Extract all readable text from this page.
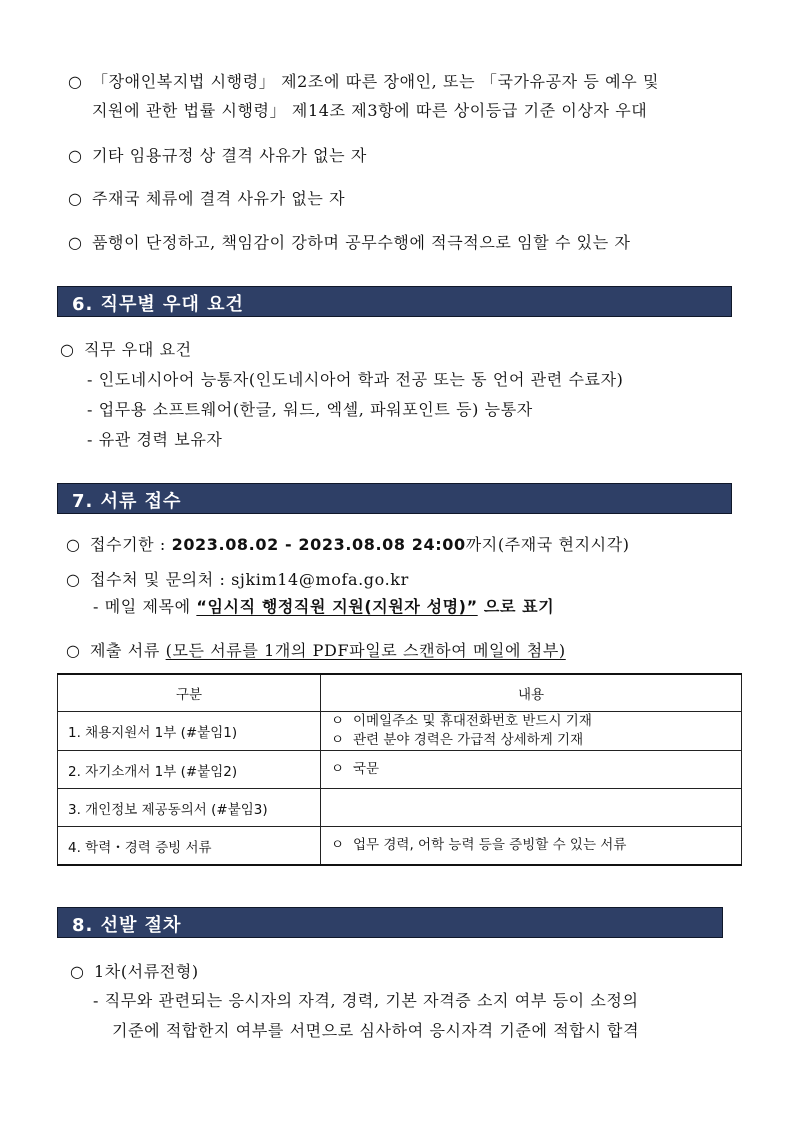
○ 「장애인복지법 시행령」 제2조에 따른 장애인, 또는 「국가유공자 등 예우 및
지원에 관한 법률 시행령」 제14조 제3항에 따른 상이등급 기준 이상자 우대
○ 기타 임용규정 상 결격 사유가 없는 자
○ 주재국 체류에 결격 사유가 없는 자
○ 품행이 단정하고, 책임감이 강하며 공무수행에 적극적으로 임할 수 있는 자
6. 직무별 우대 요건
○ 직무 우대 요건
- 인도네시아어 능통자(인도네시아어 학과 전공 또는 동 언어 관련 수료자)
- 업무용 소프트웨어(한글, 워드, 엑셀, 파워포인트 등) 능통자
- 유관 경력 보유자
7. 서류 접수
○ 접수기한 : 2023.08.02 - 2023.08.08 24:00까지(주재국 현지시각)
○ 접수처 및 문의처 : sjkim14@mofa.go.kr
- 메일 제목에 “임시직 행정직원 지원(지원자 성명)” 으로 표기
○ 제출 서류 (모든 서류를 1개의 PDF파일로 스캔하여 메일에 첨부)
구분	내용
1. 채용지원서 1부 (#붙임1)	ㅇ 이메일주소 및 휴대전화번호 반드시 기재
ㅇ 관련 분야 경력은 가급적 상세하게 기재

2. 자기소개서 1부 (#붙임2)	ㅇ 국문

3. 개인정보 제공동의서 (#붙임3)	
4. 학력・경력 증빙 서류	ㅇ 업무 경력, 어학 능력 등을 증빙할 수 있는 서류
8. 선발 절차
○ 1차(서류전형)
- 직무와 관련되는 응시자의 자격, 경력, 기본 자격증 소지 여부 등이 소정의
기준에 적합한지 여부를 서면으로 심사하여 응시자격 기준에 적합시 합격
